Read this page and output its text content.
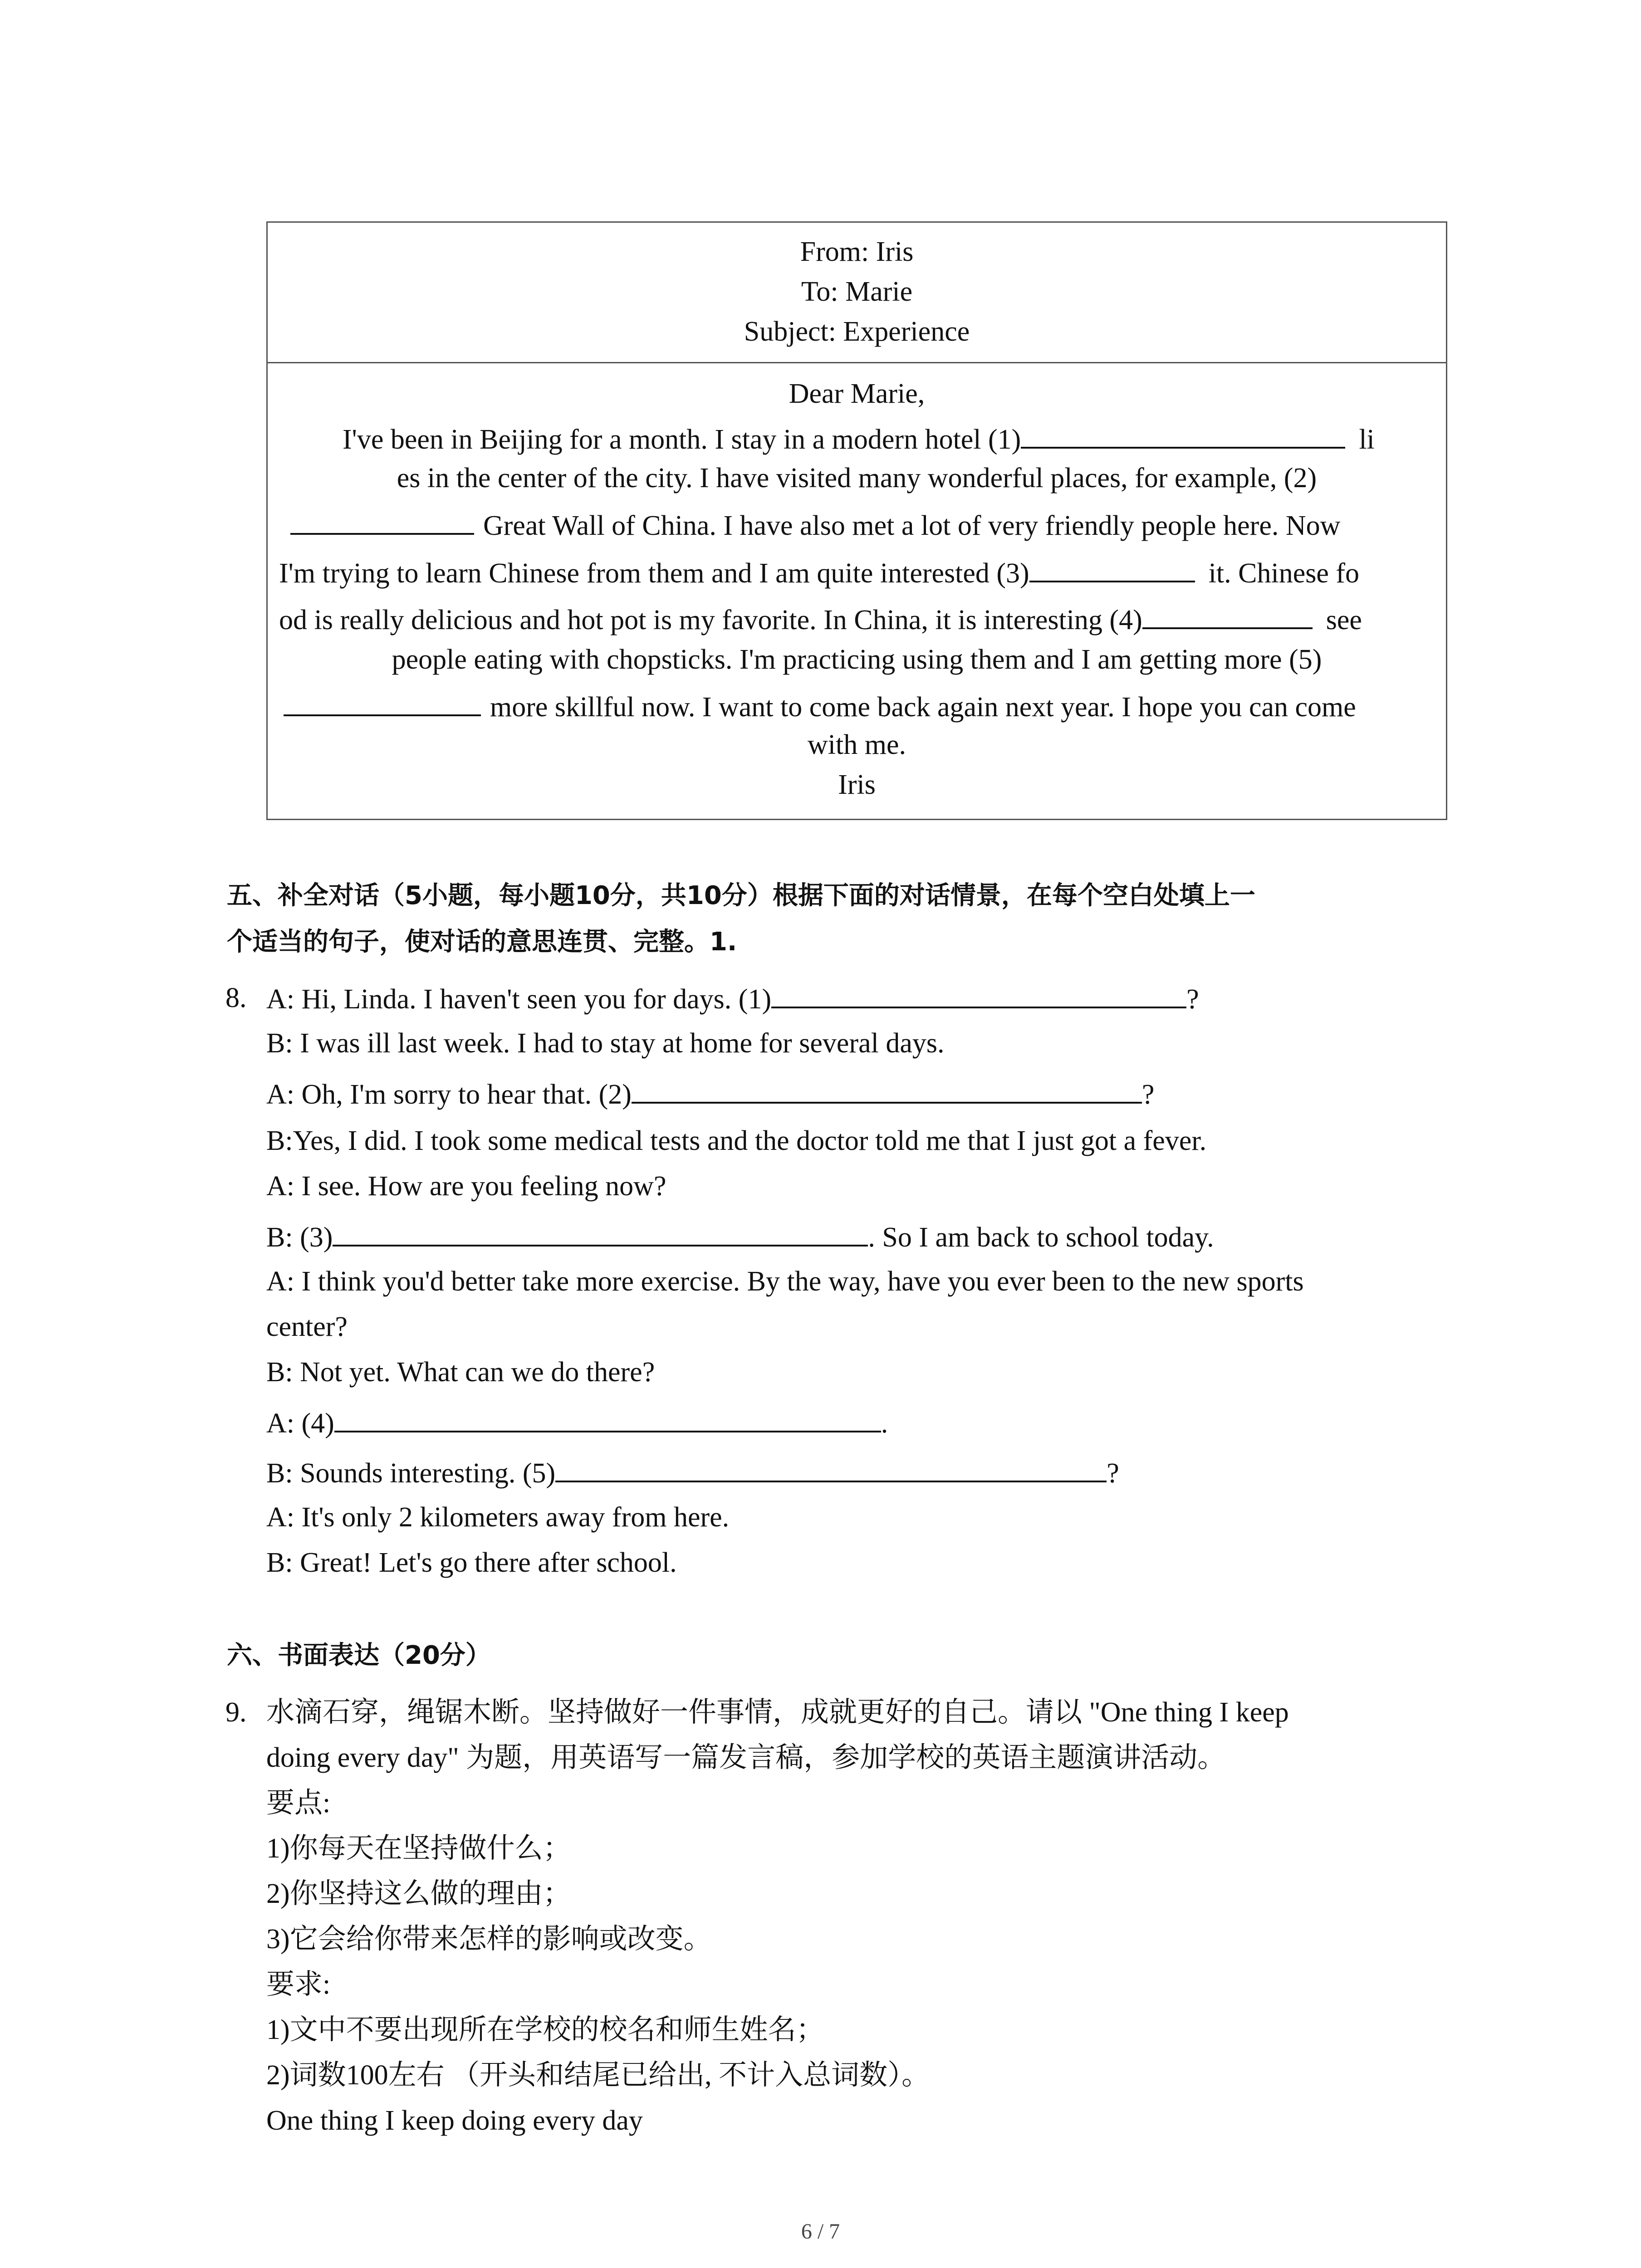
From: Iris
To: Marie
Subject: Experience
Dear Marie,
I've been in Beijing for a month. I stay in a modern hotel (1)	li
es in the center of the city. I have visited many wonderful places, for example, (2)
Great Wall of China. I have also met a lot of very friendly people here. Now
I'm trying to learn Chinese from them and I am quite interested (3)	it. Chinese fo
od is really delicious and hot pot is my favorite. In China, it is interesting (4)	see
people eating with chopsticks. I'm practicing using them and I am getting more (5)
more skillful now. I want to come back again next year. I hope you can come
with me.
Iris
五、补全对话（5小题，每小题10分，共10分）根据下面的对话情景，在每个空白处填上一
个适当的句子，使对话的意思连贯、完整。1.
8. A: Hi, Linda. I haven't seen you for days. (1)	?
B: I was ill last week. I had to stay at home for several days.
A: Oh, I'm sorry to hear that. (2)	?
B:Yes, I did. I took some medical tests and the doctor told me that I just got a fever.
A: I see. How are you feeling now?
B: (3)	. So I am back to school today.
A: I think you'd better take more exercise. By the way, have you ever been to the new sports
center?
B: Not yet. What can we do there?
A: (4)	.
B: Sounds interesting. (5)	?
A: It's only 2 kilometers away from here.
B: Great! Let's go there after school.
六、书面表达（20分）
9. 水滴石穿，绳锯木断。坚持做好一件事情，成就更好的自己。请以 "One thing I keep
doing every day" 为题，用英语写一篇发言稿，参加学校的英语主题演讲活动。
要点:
1)你每天在坚持做什么；
2)你坚持这么做的理由；
3)它会给你带来怎样的影响或改变。
要求:
1)文中不要出现所在学校的校名和师生姓名；
2)词数100左右 （开头和结尾已给出, 不计入总词数）。
One thing I keep doing every day
6 / 7
